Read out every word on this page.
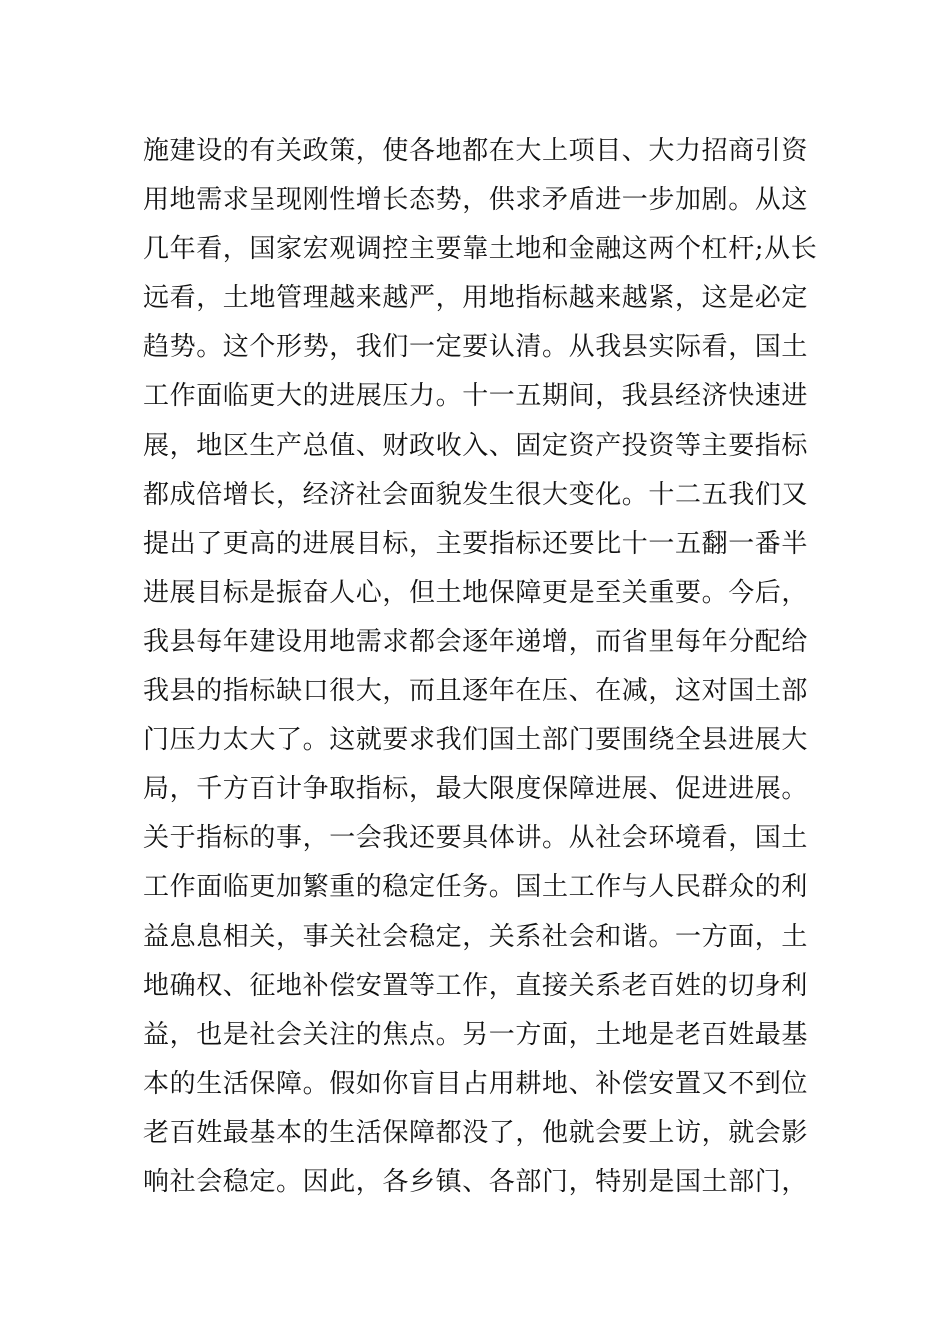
施建设的有关政策，使各地都在大上项目、大力招商引资
用地需求呈现刚性增长态势，供求矛盾进一步加剧。从这
几年看，国家宏观调控主要靠土地和金融这两个杠杆;从长
远看，土地管理越来越严，用地指标越来越紧，这是必定
趋势。这个形势，我们一定要认清。从我县实际看，国土
工作面临更大的进展压力。十一五期间，我县经济快速进
展，地区生产总值、财政收入、固定资产投资等主要指标
都成倍增长，经济社会面貌发生很大变化。十二五我们又
提出了更高的进展目标，主要指标还要比十一五翻一番半
进展目标是振奋人心，但土地保障更是至关重要。今后，
我县每年建设用地需求都会逐年递增，而省里每年分配给
我县的指标缺口很大，而且逐年在压、在减，这对国土部
门压力太大了。这就要求我们国土部门要围绕全县进展大
局，千方百计争取指标，最大限度保障进展、促进进展。
关于指标的事，一会我还要具体讲。从社会环境看，国土
工作面临更加繁重的稳定任务。国土工作与人民群众的利
益息息相关，事关社会稳定，关系社会和谐。一方面，土
地确权、征地补偿安置等工作，直接关系老百姓的切身利
益，也是社会关注的焦点。另一方面，土地是老百姓最基
本的生活保障。假如你盲目占用耕地、补偿安置又不到位
老百姓最基本的生活保障都没了，他就会要上访，就会影
响社会稳定。因此，各乡镇、各部门，特别是国土部门，
